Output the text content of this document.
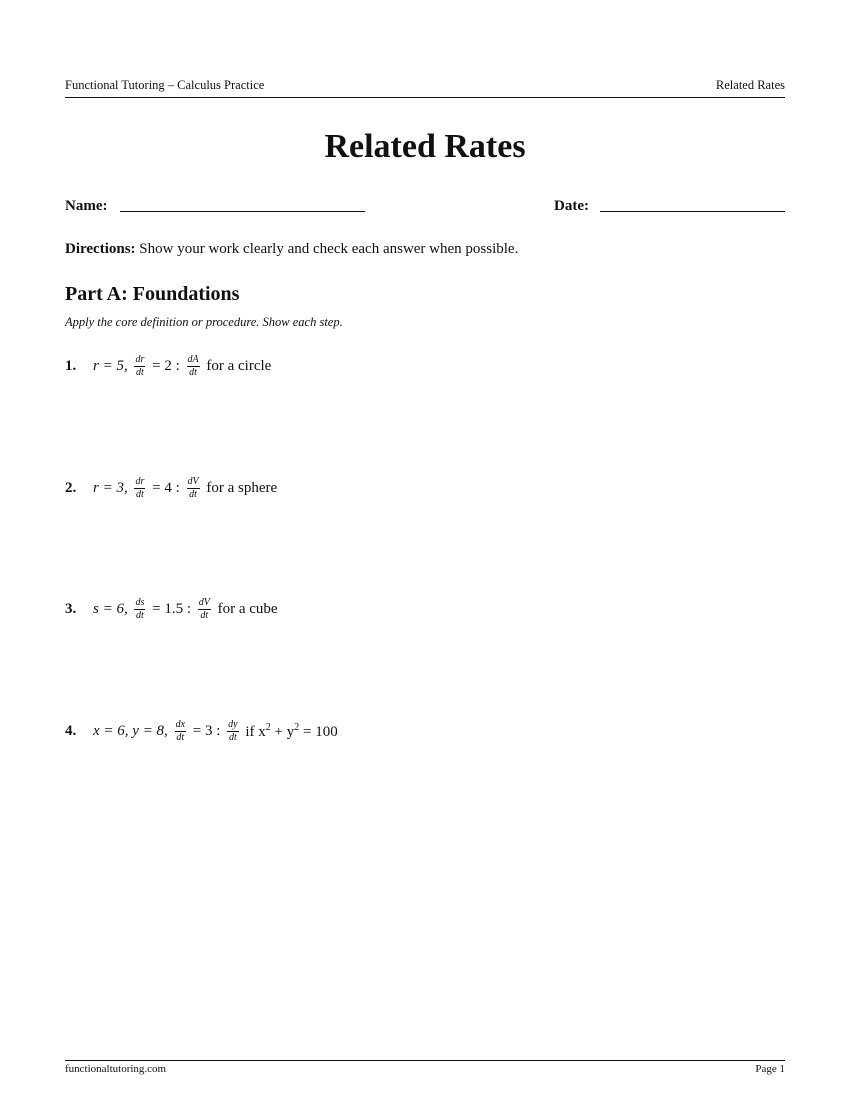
Functional Tutoring – Calculus Practice	Related Rates
Related Rates
Name:	Date:
Directions: Show your work clearly and check each answer when possible.
Part A: Foundations
Apply the core definition or procedure. Show each step.
1.	r = 5, $\frac{dr}{dt} = 2$ : $\frac{dA}{dt}$ for a circle
2.	r = 3, $\frac{dr}{dt} = 4$ : $\frac{dV}{dt}$ for a sphere
3.	s = 6, $\frac{ds}{dt} = 1.5$ : $\frac{dV}{dt}$ for a cube
4.	x = 6, y = 8, $\frac{dx}{dt} = 3$ : $\frac{dy}{dt}$ if $x^2 + y^2 = 100$
functionaltutoring.com	Page 1
